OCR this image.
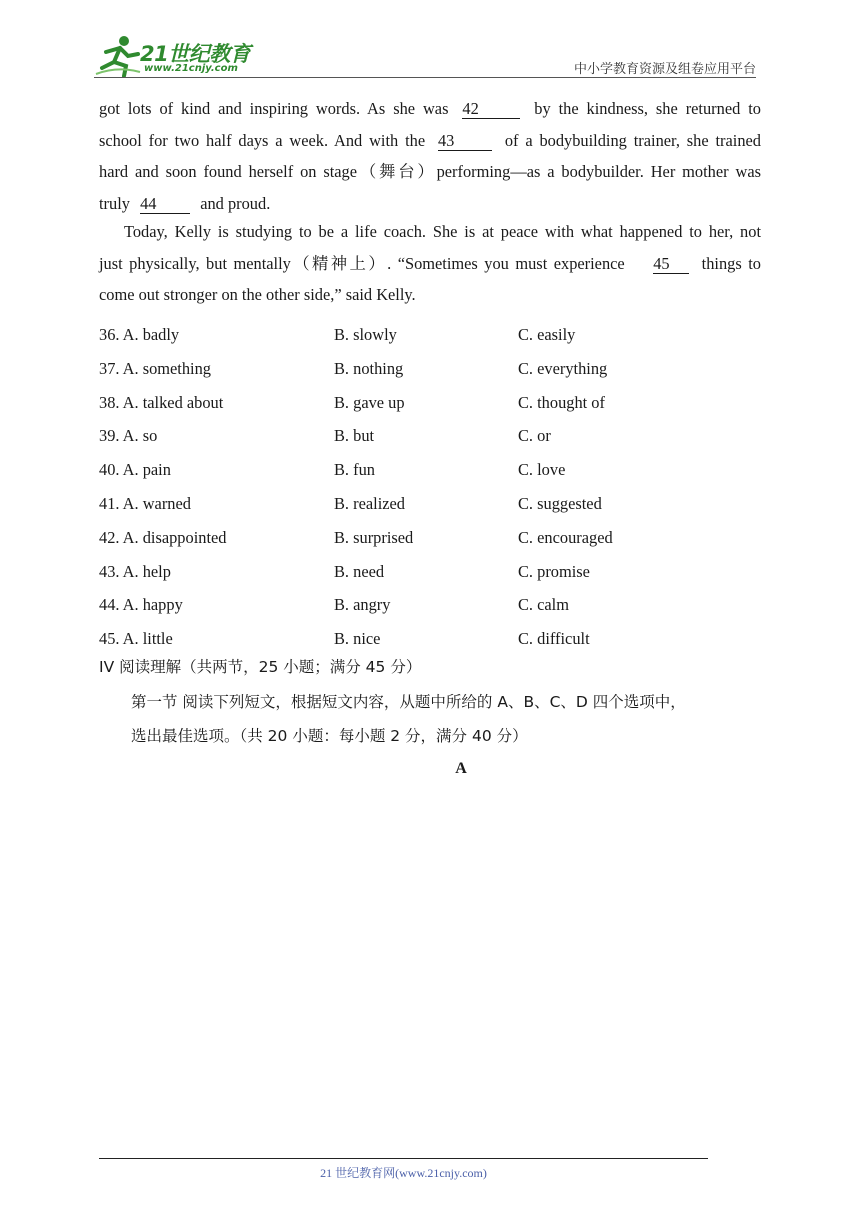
21世纪教育
www.21cnjy.com	中小学教育资源及组卷应用平台
got lots of kind and inspiring words. As she was 42	by the kindness, she returned to
school for two half days a week. And with the 43	of a bodybuilding trainer, she trained
hard and soon found herself on stage（舞台）performing—as a bodybuilder. Her mother was
truly 44	and proud.
Today, Kelly is studying to be a life coach. She is at peace with what happened to her, not
just physically, but mentally（精神上）. “Sometimes you must experience 45 things to
come out stronger on the other side,” said Kelly.
36. A. badly	B. slowly	C. easily
37. A. something	B. nothing	C. everything
38. A. talked about	B. gave up	C. thought of
39. A. so	B. but	C. or
40. A. pain	B. fun	C. love
41. A. warned	B. realized	C. suggested
42. A. disappointed	B. surprised	C. encouraged
43. A. help	B. need	C. promise
44. A. happy	B. angry	C. calm
45. A. little	B. nice	C. difficult
IV 阅读理解（共两节，25 小题；满分 45 分）
第一节 阅读下列短文，根据短文内容，从题中所给的 A、B、C、D 四个选项中，
选出最佳选项。（共 20 小题：每小题 2 分，满分 40 分）
A
21 世纪教育网(www.21cnjy.com)
